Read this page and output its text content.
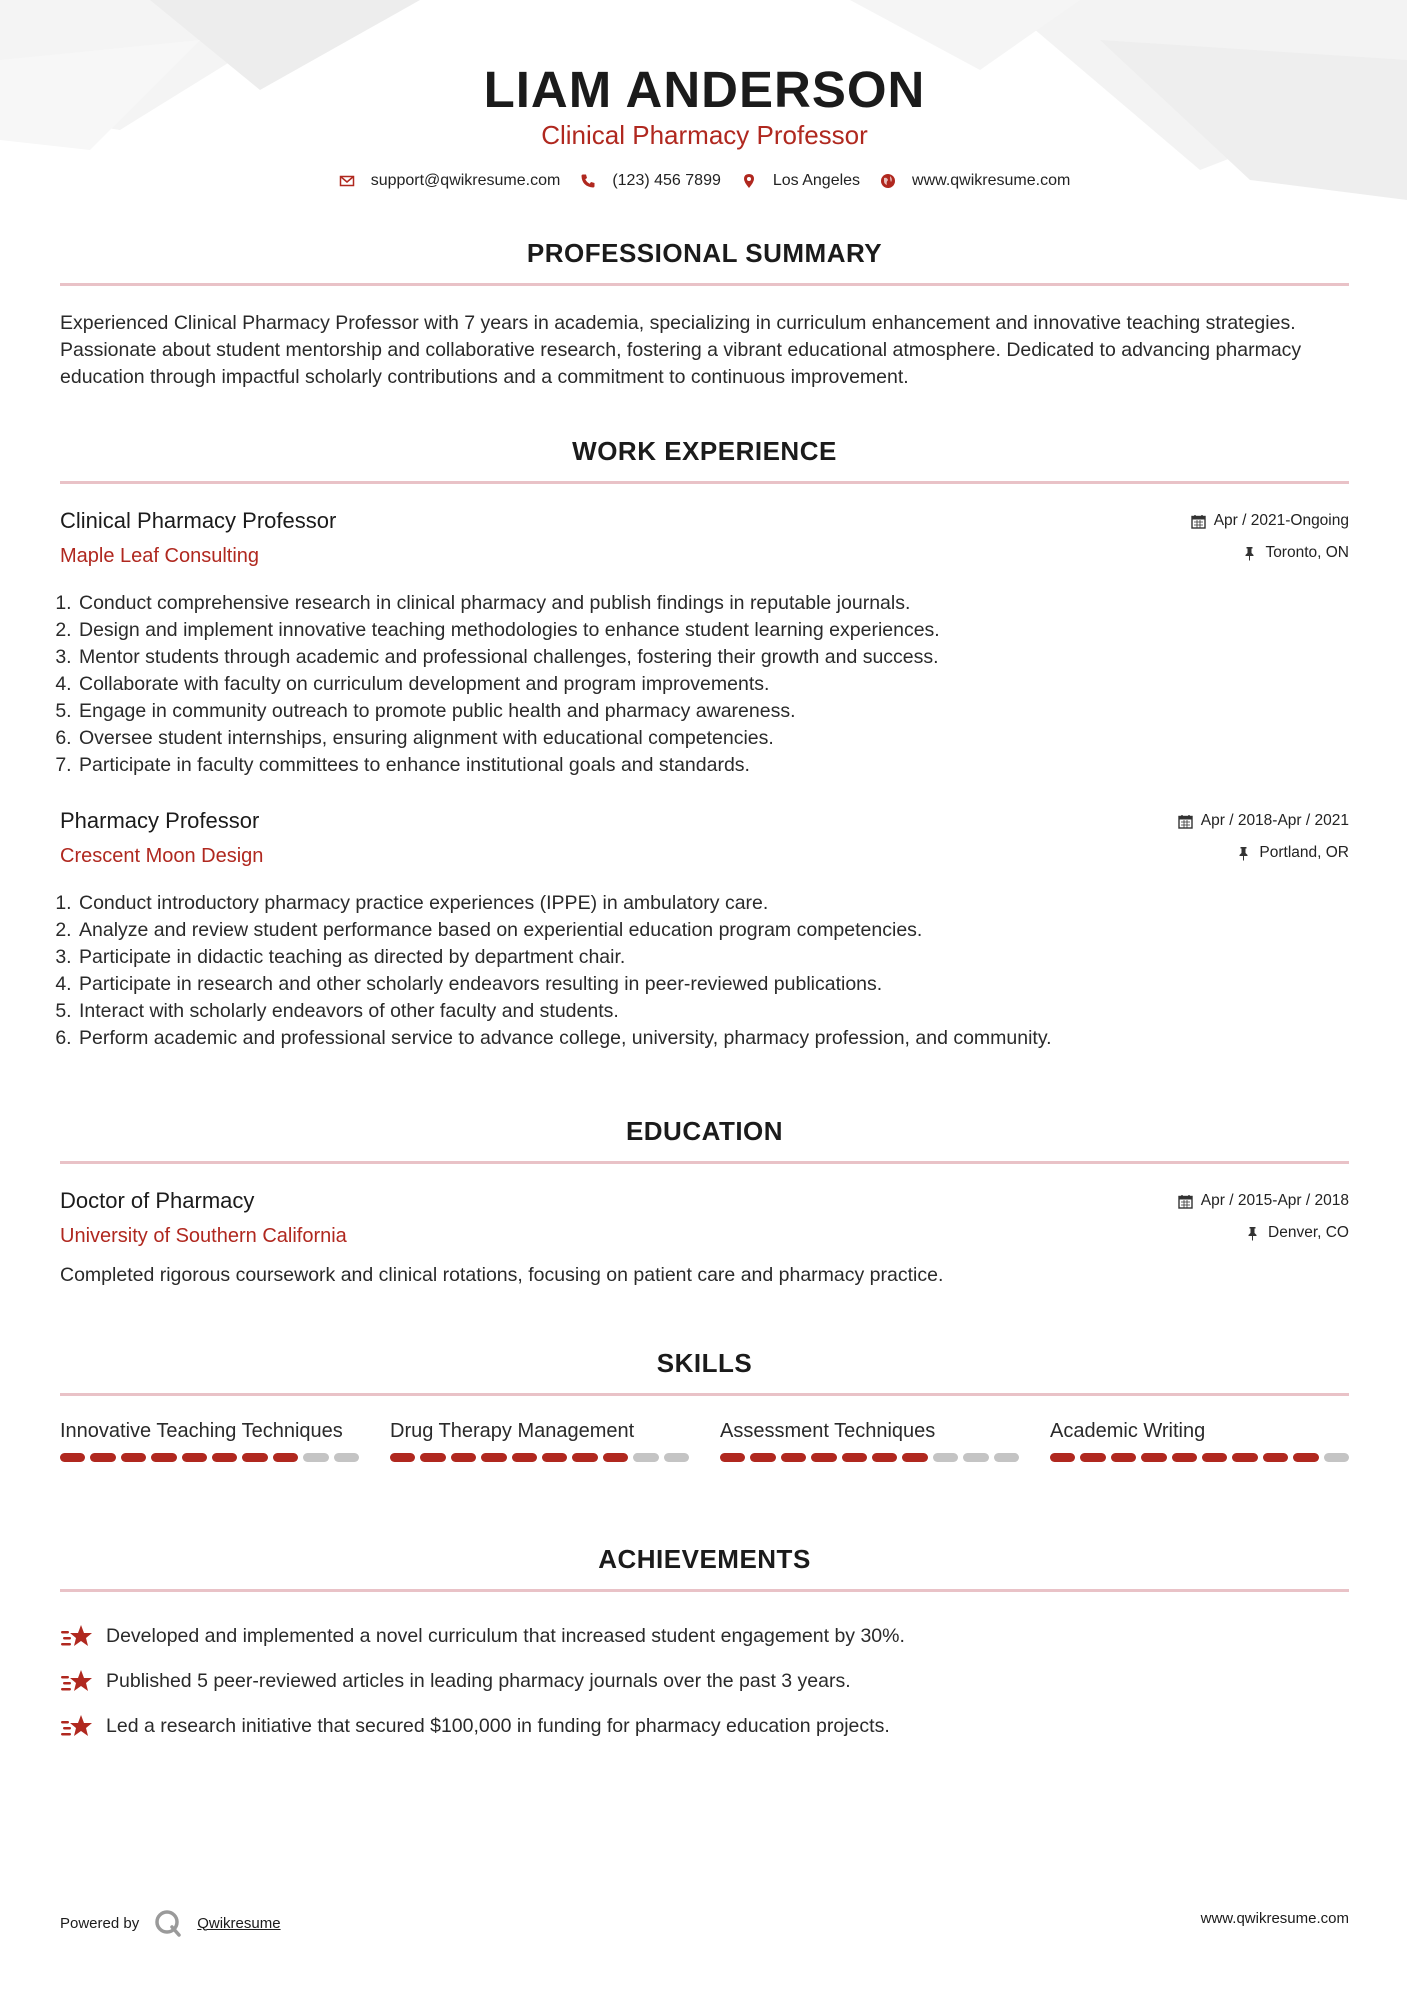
LIAM ANDERSON
Clinical Pharmacy Professor
support@qwikresume.com	(123) 456 7899	Los Angeles	www.qwikresume.com
PROFESSIONAL SUMMARY
Experienced Clinical Pharmacy Professor with 7 years in academia, specializing in curriculum enhancement and innovative teaching strategies. Passionate about student mentorship and collaborative research, fostering a vibrant educational atmosphere. Dedicated to advancing pharmacy education through impactful scholarly contributions and a commitment to continuous improvement.
WORK EXPERIENCE
Clinical Pharmacy Professor
Maple Leaf Consulting
Apr / 2021-Ongoing
Toronto, ON
1. Conduct comprehensive research in clinical pharmacy and publish findings in reputable journals.
2. Design and implement innovative teaching methodologies to enhance student learning experiences.
3. Mentor students through academic and professional challenges, fostering their growth and success.
4. Collaborate with faculty on curriculum development and program improvements.
5. Engage in community outreach to promote public health and pharmacy awareness.
6. Oversee student internships, ensuring alignment with educational competencies.
7. Participate in faculty committees to enhance institutional goals and standards.
Pharmacy Professor
Crescent Moon Design
Apr / 2018-Apr / 2021
Portland, OR
1. Conduct introductory pharmacy practice experiences (IPPE) in ambulatory care.
2. Analyze and review student performance based on experiential education program competencies.
3. Participate in didactic teaching as directed by department chair.
4. Participate in research and other scholarly endeavors resulting in peer-reviewed publications.
5. Interact with scholarly endeavors of other faculty and students.
6. Perform academic and professional service to advance college, university, pharmacy profession, and community.
EDUCATION
Doctor of Pharmacy
University of Southern California
Apr / 2015-Apr / 2018
Denver, CO
Completed rigorous coursework and clinical rotations, focusing on patient care and pharmacy practice.
SKILLS
Innovative Teaching Techniques	Drug Therapy Management	Assessment Techniques	Academic Writing
ACHIEVEMENTS
Developed and implemented a novel curriculum that increased student engagement by 30%.
Published 5 peer-reviewed articles in leading pharmacy journals over the past 3 years.
Led a research initiative that secured $100,000 in funding for pharmacy education projects.
Powered by	Qwikresume	www.qwikresume.com
